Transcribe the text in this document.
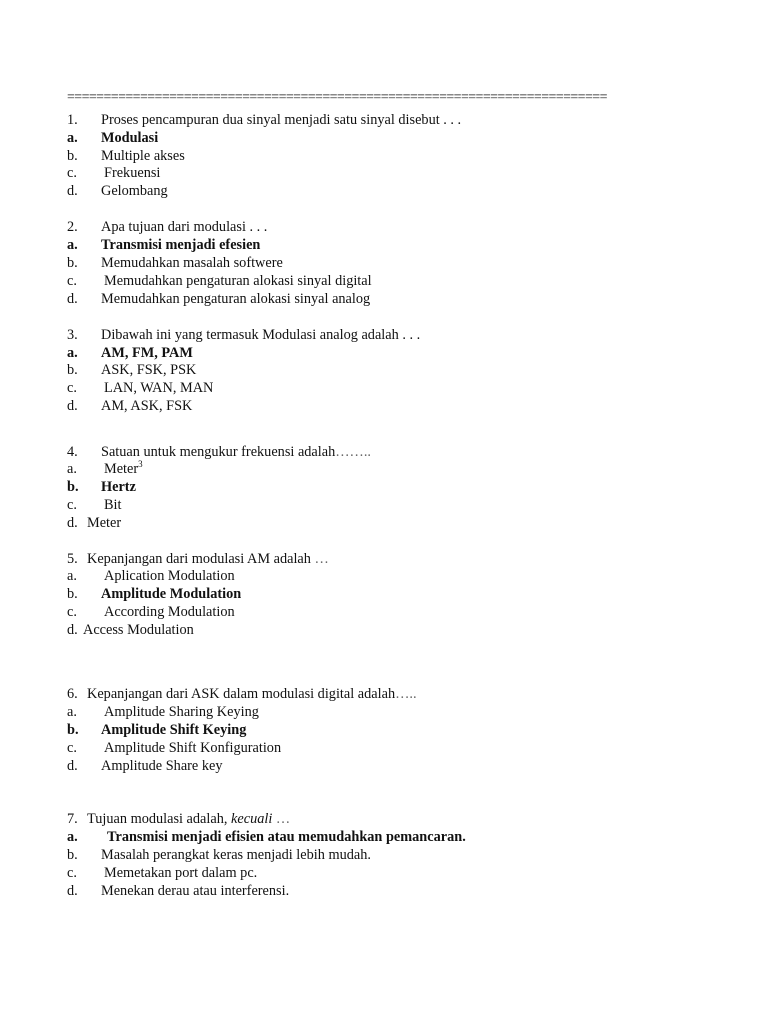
==========================================================================
1. Proses pencampuran dua sinyal menjadi satu sinyal disebut . . .
a. Modulasi
b. Multiple akses
c.Frekuensi
d. Gelombang
2. Apa tujuan dari modulasi . . .
a. Transmisi menjadi efesien
b. Memudahkan masalah softwere
c.Memudahkan pengaturan alokasi sinyal digital
d. Memudahkan pengaturan alokasi sinyal analog
3. Dibawah ini yang termasuk Modulasi analog adalah . . .
a. AM, FM, PAM
b. ASK, FSK, PSK
c.LAN, WAN, MAN
d. AM, ASK, FSK
4. Satuan untuk mengukur frekuensi adalah……..
a. Meter$^3$
b. Hertz
c. Bit
d. Meter
5. Kepanjangan dari modulasi AM adalah …
a. Aplication Modulation
b. Amplitude Modulation
c. According Modulation
d. Access Modulation
6. Kepanjangan dari ASK dalam modulasi digital adalah…..
a. Amplitude Sharing Keying
b. Amplitude Shift Keying
c. Amplitude Shift Konfiguration
d. Amplitude Share key
7. Tujuan modulasi adalah, kecuali …
a. Transmisi menjadi efisien atau memudahkan pemancaran.
b. Masalah perangkat keras menjadi lebih mudah.
c. Memetakan port dalam pc.
d. Menekan derau atau interferensi.
